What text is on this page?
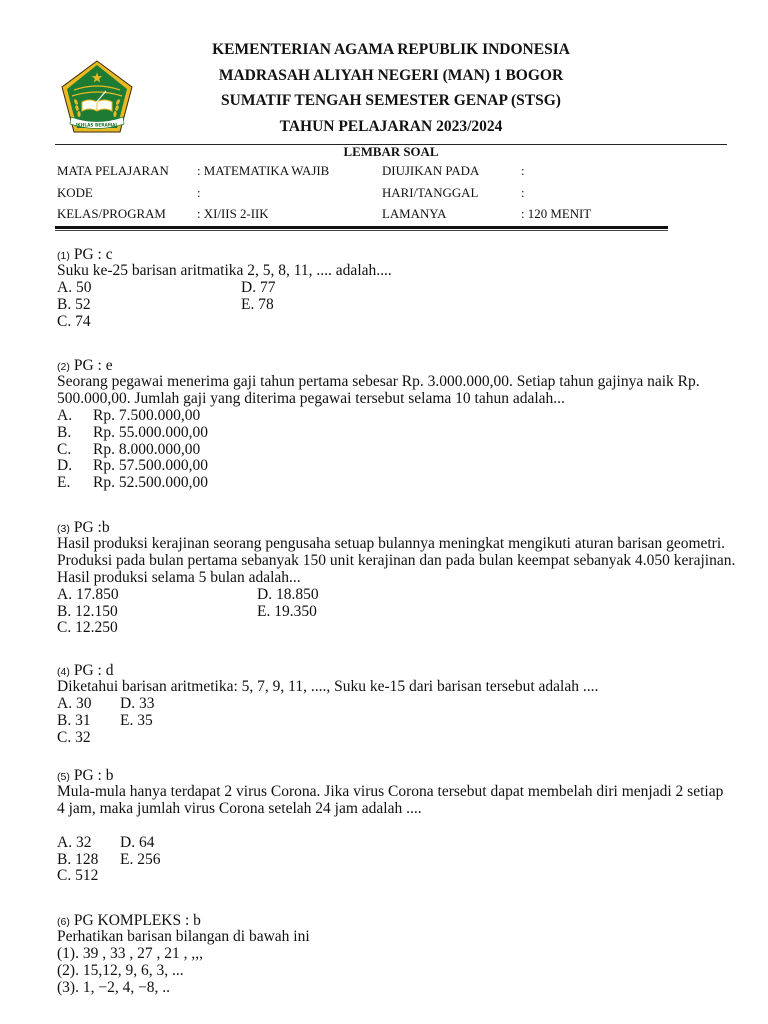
IKHLAS BERAMAL
KEMENTERIAN AGAMA REPUBLIK INDONESIA
MADRASAH ALIYAH NEGERI (MAN) 1 BOGOR
SUMATIF TENGAH SEMESTER GENAP (STSG)
TAHUN PELAJARAN 2023/2024
LEMBAR SOAL
MATA PELAJARAN	: MATEMATIKA WAJIB	DIUJIKAN PADA	:
KODE	:	HARI/TANGGAL	:
KELAS/PROGRAM	: XI/IIS 2-IIK	LAMANYA	: 120 MENIT
(1) PG : c
Suku ke-25 barisan aritmatika 2, 5, 8, 11, .... adalah....
A. 50	D. 77
B. 52	E. 78
C. 74
(2) PG : e
Seorang pegawai menerima gaji tahun pertama sebesar Rp. 3.000.000,00. Setiap tahun gajinya naik Rp.
500.000,00. Jumlah gaji yang diterima pegawai tersebut selama 10 tahun adalah...
A.	Rp. 7.500.000,00
B.	Rp. 55.000.000,00
C.	Rp. 8.000.000,00
D.	Rp. 57.500.000,00
E.	Rp. 52.500.000,00
(3) PG :b
Hasil produksi kerajinan seorang pengusaha setuap bulannya meningkat mengikuti aturan barisan geometri.
Produksi pada bulan pertama sebanyak 150 unit kerajinan dan pada bulan keempat sebanyak 4.050 kerajinan.
Hasil produksi selama 5 bulan adalah...
A. 17.850	D. 18.850
B. 12.150	E. 19.350
C. 12.250
(4) PG : d
Diketahui barisan aritmetika: 5, 7, 9, 11, ...., Suku ke-15 dari barisan tersebut adalah ....
A. 30	D. 33
B. 31	E. 35
C. 32
(5) PG : b
Mula-mula hanya terdapat 2 virus Corona. Jika virus Corona tersebut dapat membelah diri menjadi 2 setiap
4 jam, maka jumlah virus Corona setelah 24 jam adalah ....
A. 32	D. 64
B. 128	E. 256
C. 512
(6) PG KOMPLEKS : b
Perhatikan barisan bilangan di bawah ini
(1). 39 , 33 , 27 , 21 , ,,,
(2). 15,12, 9, 6, 3, ...
(3). 1, −2, 4, −8, ..
